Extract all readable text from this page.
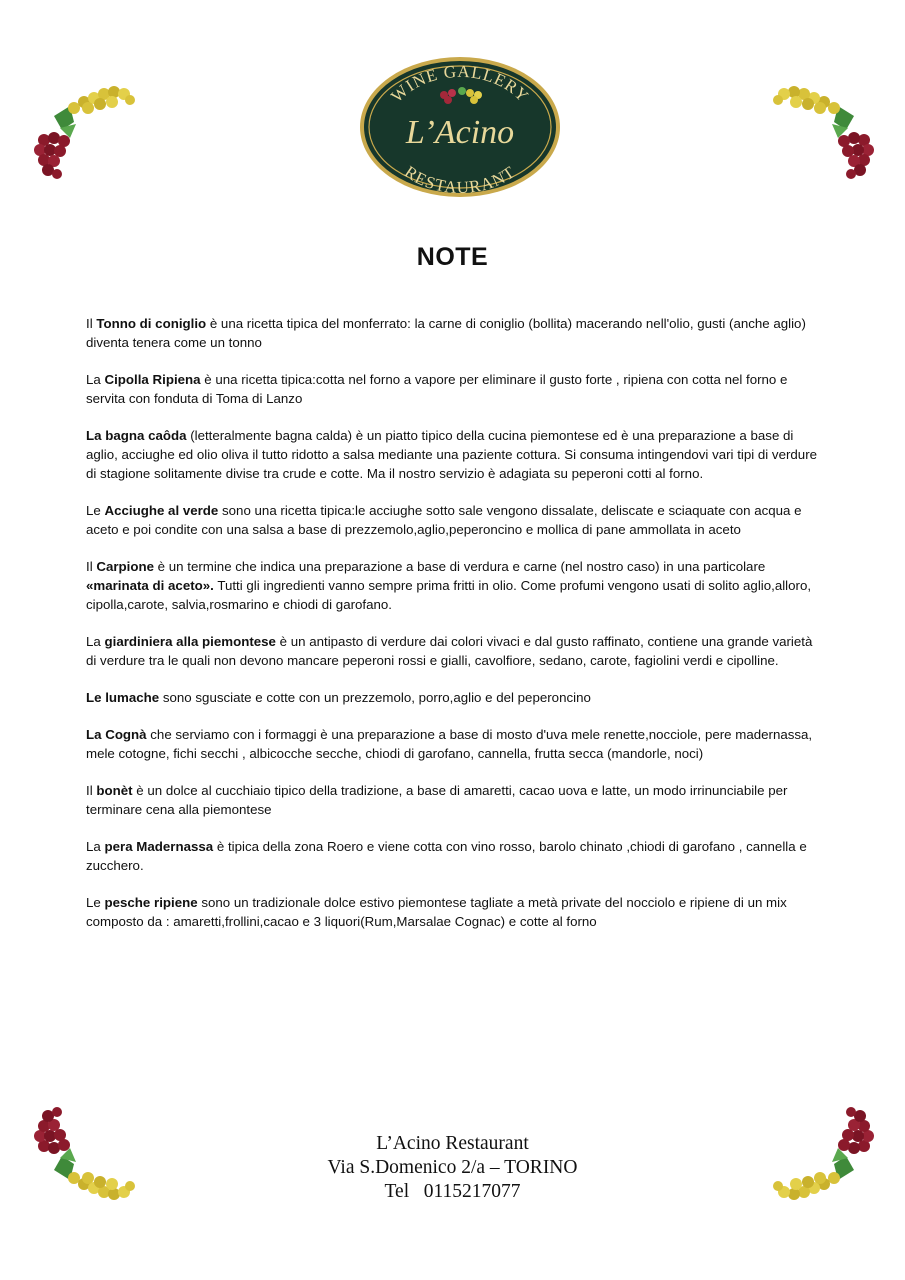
WINE GALLERY
L’Acino
RESTAURANT
NOTE

Il Tonno di coniglio è una ricetta tipica del monferrato: la carne di coniglio (bollita) macerando nell'olio, gusti (anche aglio) diventa tenera come un tonno

La Cipolla Ripiena è una ricetta tipica:cotta nel forno a vapore per eliminare il gusto forte , ripiena con cotta nel forno e servita con fonduta di Toma di Lanzo

La bagna caôda (letteralmente bagna calda) è un piatto tipico della cucina piemontese ed è una preparazione a base di aglio, acciughe ed olio oliva il tutto ridotto a salsa mediante una paziente cottura. Si consuma intingendovi vari tipi di verdure di stagione solitamente divise tra crude e cotte. Ma il nostro servizio è adagiata su peperoni cotti al forno.

Le Acciughe al verde sono una ricetta tipica:le acciughe sotto sale vengono dissalate, deliscate e sciaquate con acqua e aceto e poi condite con una salsa a base di prezzemolo,aglio,peperoncino e mollica di pane ammollata in aceto

Il Carpione è un termine che indica una preparazione a base di verdura e carne (nel nostro caso) in una particolare «marinata di aceto». Tutti gli ingredienti vanno sempre prima fritti in olio. Come profumi vengono usati di solito aglio,alloro, cipolla,carote, salvia,rosmarino e chiodi di garofano.

La giardiniera alla piemontese è un antipasto di verdure dai colori vivaci e dal gusto raffinato, contiene una grande varietà di verdure tra le quali non devono mancare peperoni rossi e gialli, cavolfiore, sedano, carote, fagiolini verdi e cipolline.

Le lumache sono sgusciate e cotte con un prezzemolo, porro,aglio e del peperoncino

La Cognà che serviamo con i formaggi è una preparazione a base di mosto d'uva mele renette,nocciole, pere madernassa, mele cotogne, fichi secchi , albicocche secche, chiodi di garofano, cannella, frutta secca (mandorle, noci)

Il bonèt è un dolce al cucchiaio tipico della tradizione, a base di amaretti, cacao uova e latte, un modo irrinunciabile per terminare cena alla piemontese

La pera Madernassa è tipica della zona Roero e viene cotta con vino rosso, barolo chinato ,chiodi di garofano , cannella e zucchero.

Le pesche ripiene sono un tradizionale dolce estivo piemontese tagliate a metà private del nocciolo e ripiene di un mix composto da : amaretti,frollini,cacao e 3 liquori(Rum,Marsalae Cognac) e cotte al forno

L’Acino Restaurant
Via S.Domenico 2/a – TORINO
Tel   0115217077
